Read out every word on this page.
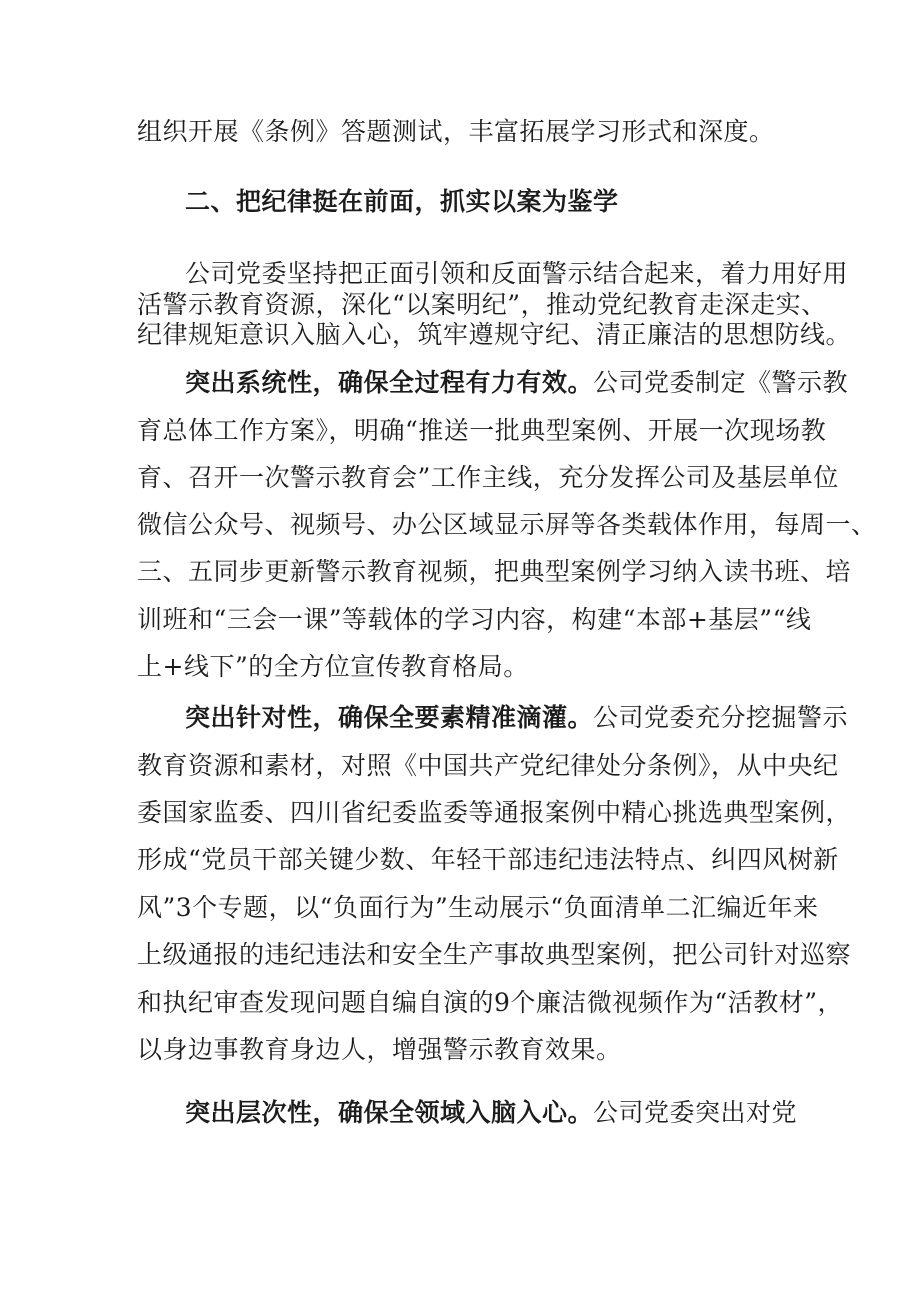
组织开展《条例》答题测试，丰富拓展学习形式和深度。
二、把纪律挺在前面，抓实以案为鉴学
公司党委坚持把正面引领和反面警示结合起来，着力用好用
活警示教育资源，深化“以案明纪”，推动党纪教育走深走实、
纪律规矩意识入脑入心，筑牢遵规守纪、清正廉洁的思想防线。
突出系统性，确保全过程有力有效。公司党委制定《警示教
育总体工作方案》，明确“推送一批典型案例、开展一次现场教
育、召开一次警示教育会”工作主线，充分发挥公司及基层单位
微信公众号、视频号、办公区域显示屏等各类载体作用，每周一、
三、五同步更新警示教育视频，把典型案例学习纳入读书班、培
训班和“三会一课”等载体的学习内容，构建“本部+基层”“线
上+线下”的全方位宣传教育格局。
突出针对性，确保全要素精准滴灌。公司党委充分挖掘警示
教育资源和素材，对照《中国共产党纪律处分条例》，从中央纪
委国家监委、四川省纪委监委等通报案例中精心挑选典型案例，
形成“党员干部关键少数、年轻干部违纪违法特点、纠四风树新
风”3个专题，以“负面行为”生动展示“负面清单二汇编近年来
上级通报的违纪违法和安全生产事故典型案例，把公司针对巡察
和执纪审查发现问题自编自演的9个廉洁微视频作为“活教材”，
以身边事教育身边人，增强警示教育效果。
突出层次性，确保全领域入脑入心。公司党委突出对党
